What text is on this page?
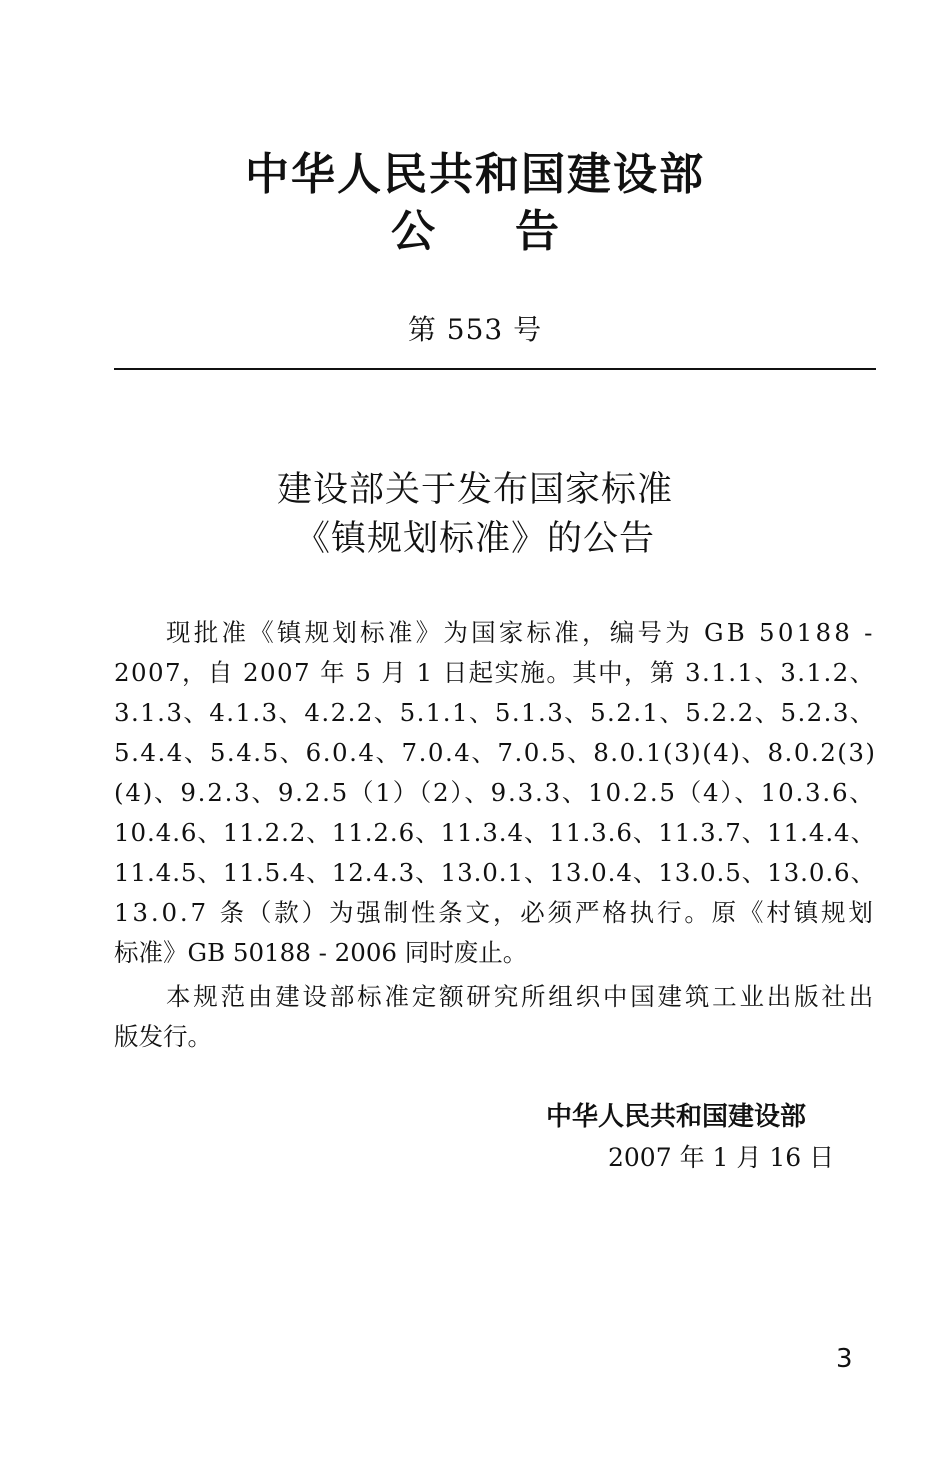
中华人民共和国建设部
公告
第 553 号
建设部关于发布国家标准
《镇规划标准》的公告
现批准《镇规划标准》为国家标准，编号为 GB 50188 -
2007，自 2007 年 5 月 1 日起实施。其中，第 3.1.1、3.1.2、
3.1.3、4.1.3、4.2.2、5.1.1、5.1.3、5.2.1、5.2.2、5.2.3、
5.4.4、5.4.5、6.0.4、7.0.4、7.0.5、8.0.1(3)(4)、8.0.2(3)
(4)、9.2.3、9.2.5（1）（2）、9.3.3、10.2.5（4）、10.3.6、
10.4.6、11.2.2、11.2.6、11.3.4、11.3.6、11.3.7、11.4.4、
11.4.5、11.5.4、12.4.3、13.0.1、13.0.4、13.0.5、13.0.6、
13.0.7 条（款）为强制性条文，必须严格执行。原《村镇规划
标准》GB 50188 - 2006 同时废止。
本规范由建设部标准定额研究所组织中国建筑工业出版社出
版发行。
中华人民共和国建设部
2007 年 1 月 16 日
3
